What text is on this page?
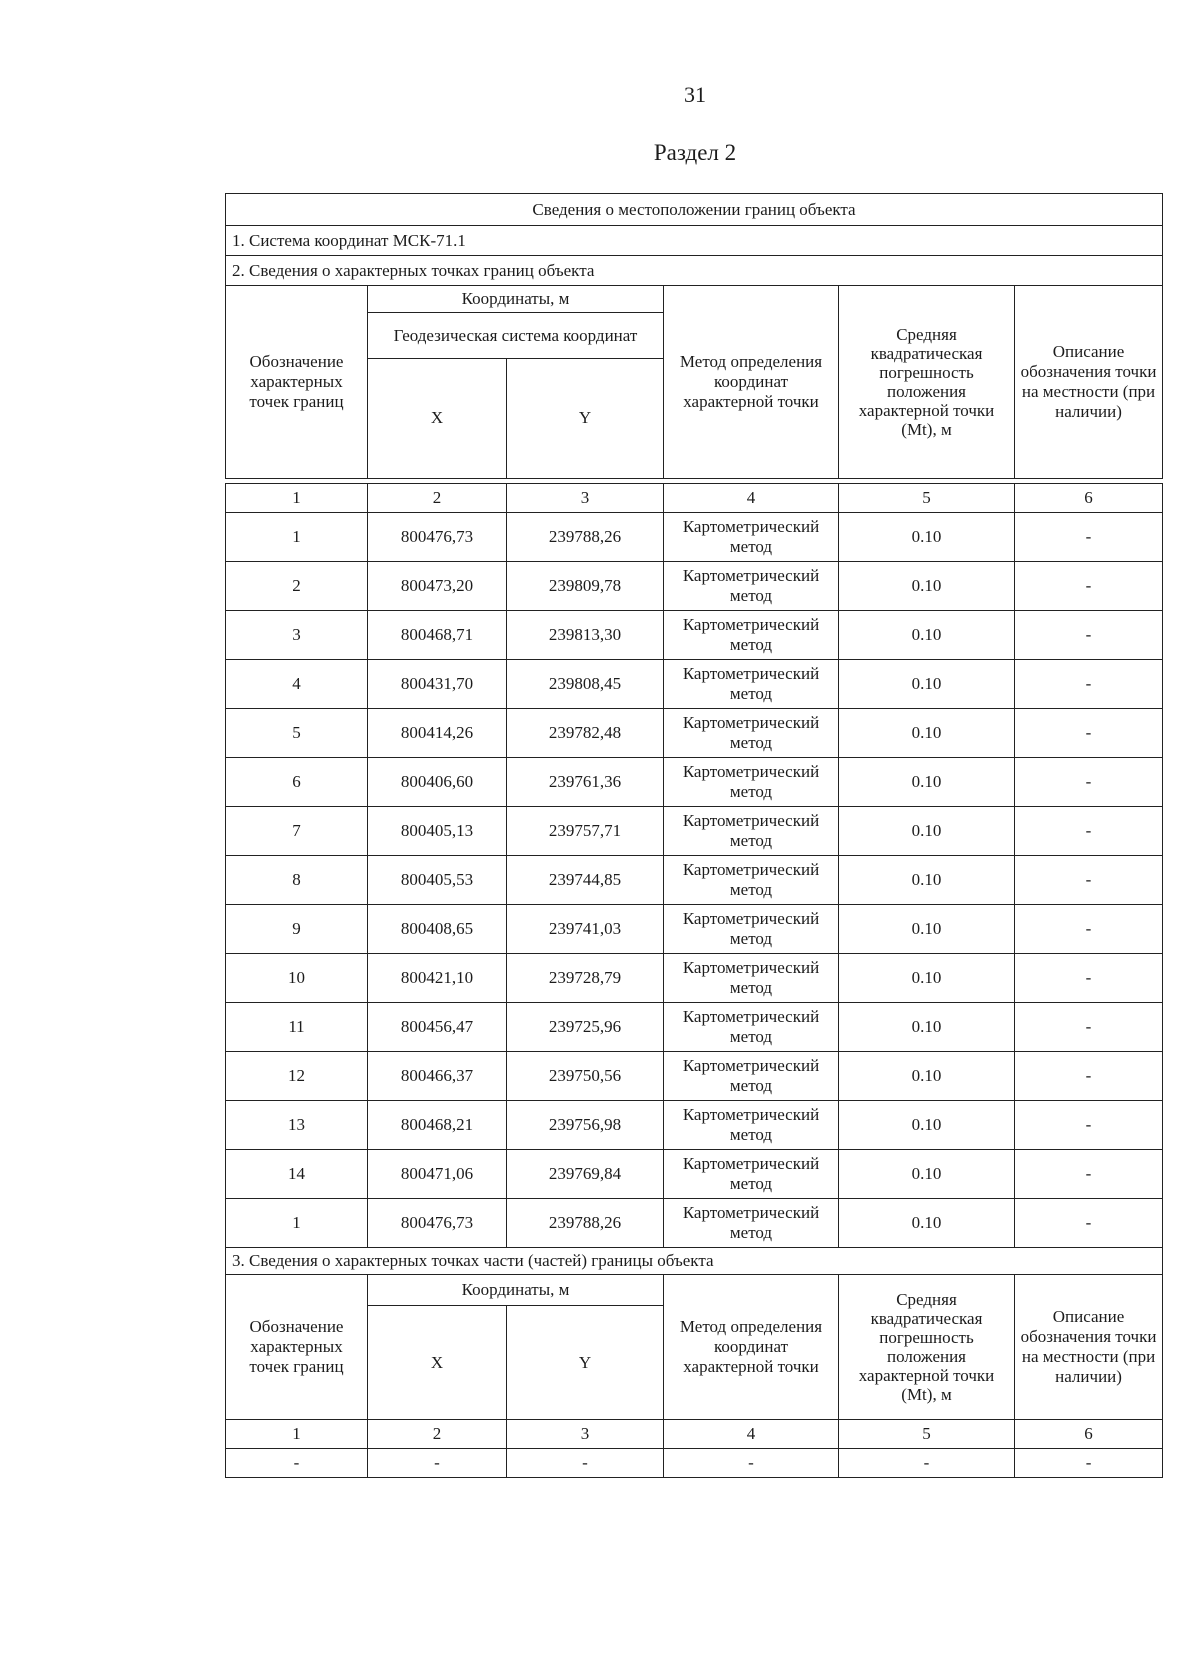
31
Раздел 2
Сведения о местоположении границ объекта					
1. Система координат МСК-71.1					
2. Сведения о характерных точках границ объекта					
Обозначение характерных точек границ	Координаты, м		Метод определения координат характерной точки	Средняя квадратическая погрешность положения характерной точки (Mt), м	Описание обозначения точки на местности (при наличии)
	Геодезическая система координат				
	X	Y			
1	2	3	4	5	6
1	800476,73	239788,26	Картометрический метод	0.10	-
2	800473,20	239809,78	Картометрический метод	0.10	-
3	800468,71	239813,30	Картометрический метод	0.10	-
4	800431,70	239808,45	Картометрический метод	0.10	-
5	800414,26	239782,48	Картометрический метод	0.10	-
6	800406,60	239761,36	Картометрический метод	0.10	-
7	800405,13	239757,71	Картометрический метод	0.10	-
8	800405,53	239744,85	Картометрический метод	0.10	-
9	800408,65	239741,03	Картометрический метод	0.10	-
10	800421,10	239728,79	Картометрический метод	0.10	-
11	800456,47	239725,96	Картометрический метод	0.10	-
12	800466,37	239750,56	Картометрический метод	0.10	-
13	800468,21	239756,98	Картометрический метод	0.10	-
14	800471,06	239769,84	Картометрический метод	0.10	-
1	800476,73	239788,26	Картометрический метод	0.10	-
3. Сведения о характерных точках части (частей) границы объекта					
Обозначение характерных точек границ	Координаты, м		Метод определения координат характерной точки	Средняя квадратическая погрешность положения характерной точки (Mt), м	Описание обозначения точки на местности (при наличии)
	X	Y			
1	2	3	4	5	6
-	-	-	-	-	-
